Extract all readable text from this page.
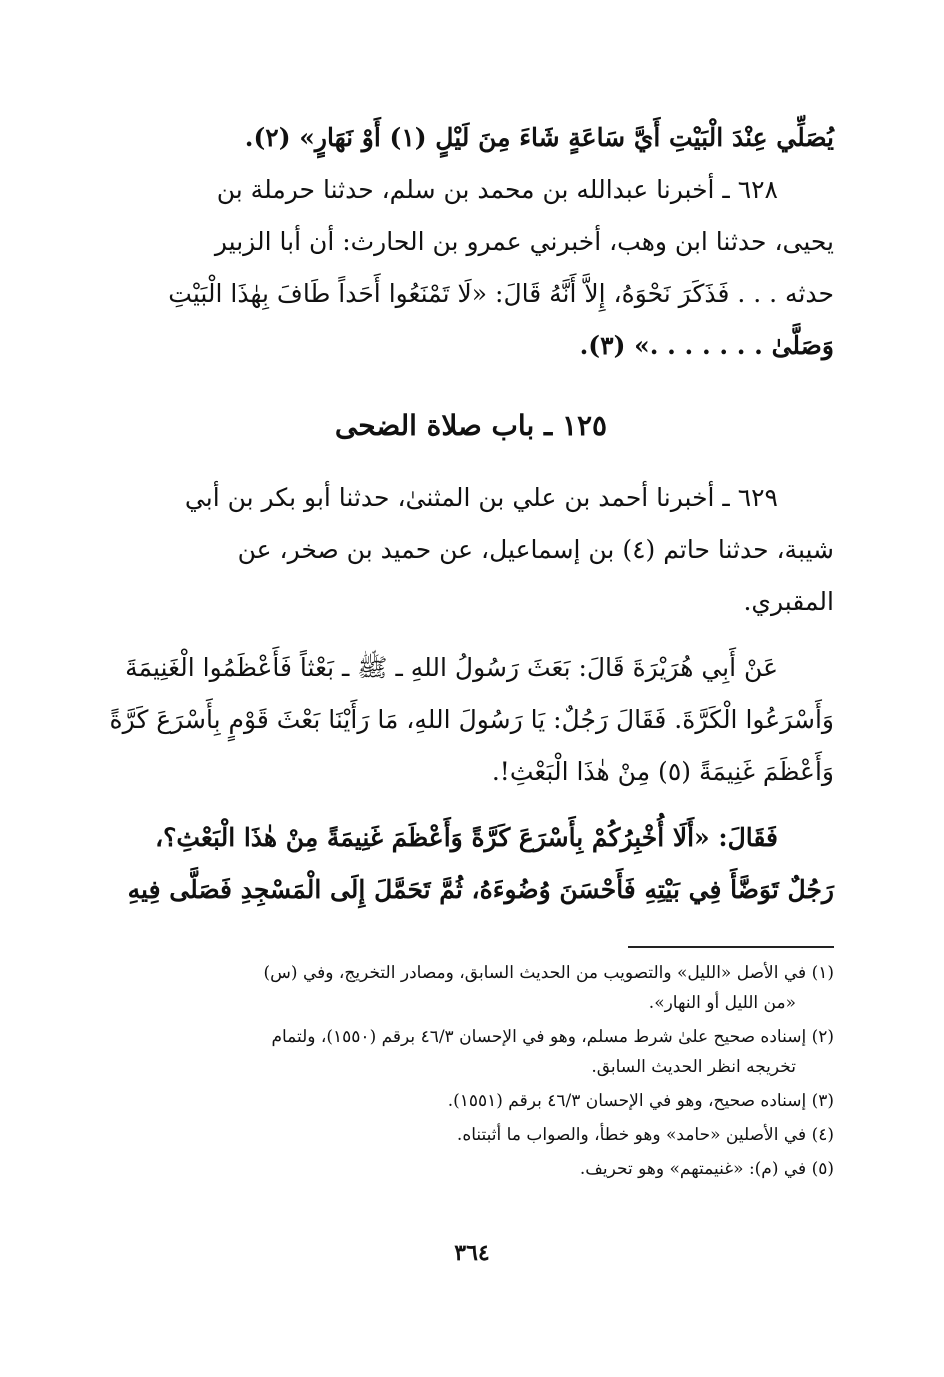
يُصَلِّي عِنْدَ الْبَيْتِ أَيَّ سَاعَةٍ شَاءَ مِنَ لَيْلٍ (١) أَوْ نَهَارٍ» (٢).

٦٢٨ ـ أخبرنا عبدالله بن محمد بن سلم، حدثنا حرملة بن

يحيى، حدثنا ابن وهب، أخبرني عمرو بن الحارث: أن أبا الزبير

حدثه . . . فَذَكَرَ نَحْوَهُ، إِلاَّ أَنَّهُ قَالَ: «لَا تَمْنَعُوا أَحَداً طَافَ بِهٰذَا الْبَيْتِ

وَصَلَّىٰ . . . . . . .» (٣).

١٢٥ ـ باب صلاة الضحى

٦٢٩ ـ أخبرنا أحمد بن علي بن المثنىٰ، حدثنا أبو بكر بن أبي

شيبة، حدثنا حاتم (٤) بن إسماعيل، عن حميد بن صخر، عن

المقبري.

عَنْ أَبِي هُرَيْرَةَ قَالَ: بَعَثَ رَسُولُ اللهِ ـ ﷺ ـ بَعْثاً فَأَعْظَمُوا الْغَنِيمَةَ

وَأَسْرَعُوا الْكَرَّةَ. فَقَالَ رَجُلٌ: يَا رَسُولَ اللهِ، مَا رَأَيْنَا بَعْثَ قَوْمٍ بِأَسْرَعَ كَرَّةً

وَأَعْظَمَ غَنِيمَةً (٥) مِنْ هٰذَا الْبَعْثِ!.

فَقَالَ: «أَلَا أُخْبِرُكُمْ بِأَسْرَعَ كَرَّةً وَأَعْظَمَ غَنِيمَةً مِنْ هٰذَا الْبَعْثِ؟،

رَجُلٌ تَوَضَّأَ فِي بَيْتِهِ فَأَحْسَنَ وُضُوءَهُ، ثُمَّ تَحَمَّلَ إِلَى الْمَسْجِدِ فَصَلَّى فِيهِ

(١) في الأصل «الليل» والتصويب من الحديث السابق، ومصادر التخريج، وفي (س)
«من الليل أو النهار».

(٢) إسناده صحيح علىٰ شرط مسلم، وهو في الإحسان ٤٦/٣ برقم (١٥٥٠)، ولتمام
تخريجه انظر الحديث السابق.

(٣) إسناده صحيح، وهو في الإحسان ٤٦/٣ برقم (١٥٥١).

(٤) في الأصلين «حامد» وهو خطأ، والصواب ما أثبتناه.

(٥) في (م): «غنيمتهم» وهو تحريف.

٣٦٤
